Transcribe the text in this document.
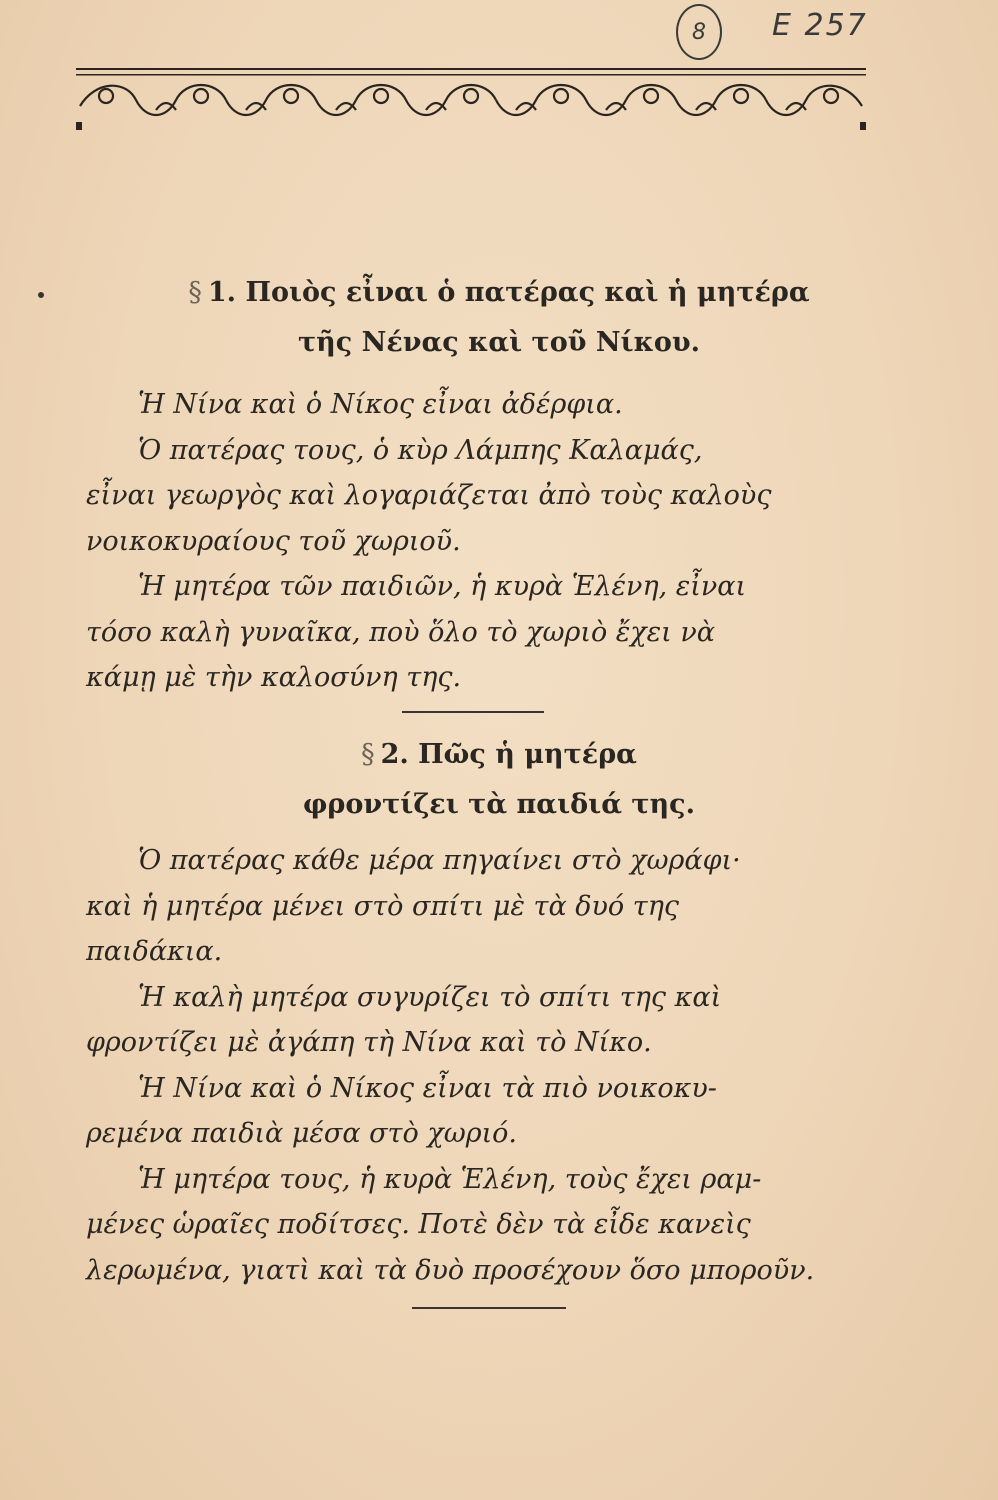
8 E 257
§ 1. Ποιὸς εἶναι ὁ πατέρας καὶ ἡ μητέρα
τῆς Νένας καὶ τοῦ Νίκου.
Ἡ Νίνα καὶ ὁ Νίκος εἶναι ἀδέρφια.
Ὁ πατέρας τους, ὁ κὺρ Λάμπης Καλαμάς,
εἶναι γεωργὸς καὶ λογαριάζεται ἀπὸ τοὺς καλοὺς
νοικοκυραίους τοῦ χωριοῦ.
Ἡ μητέρα τῶν παιδιῶν, ἡ κυρὰ Ἑλένη, εἶναι
τόσο καλὴ γυναῖκα, ποὺ ὅλο τὸ χωριὸ ἔχει νὰ
κάμῃ μὲ τὴν καλοσύνη της.
§ 2. Πῶς ἡ μητέρα
φροντίζει τὰ παιδιά της.
Ὁ πατέρας κάθε μέρα πηγαίνει στὸ χωράφι·
καὶ ἡ μητέρα μένει στὸ σπίτι μὲ τὰ δυό της
παιδάκια.
Ἡ καλὴ μητέρα συγυρίζει τὸ σπίτι της καὶ
φροντίζει μὲ ἀγάπη τὴ Νίνα καὶ τὸ Νίκο.
Ἡ Νίνα καὶ ὁ Νίκος εἶναι τὰ πιὸ νοικοκυ-
ρεμένα παιδιὰ μέσα στὸ χωριό.
Ἡ μητέρα τους, ἡ κυρὰ Ἑλένη, τοὺς ἔχει ραμ-
μένες ὡραῖες ποδίτσες. Ποτὲ δὲν τὰ εἶδε κανεὶς
λερωμένα, γιατὶ καὶ τὰ δυὸ προσέχουν ὅσο μποροῦν.
